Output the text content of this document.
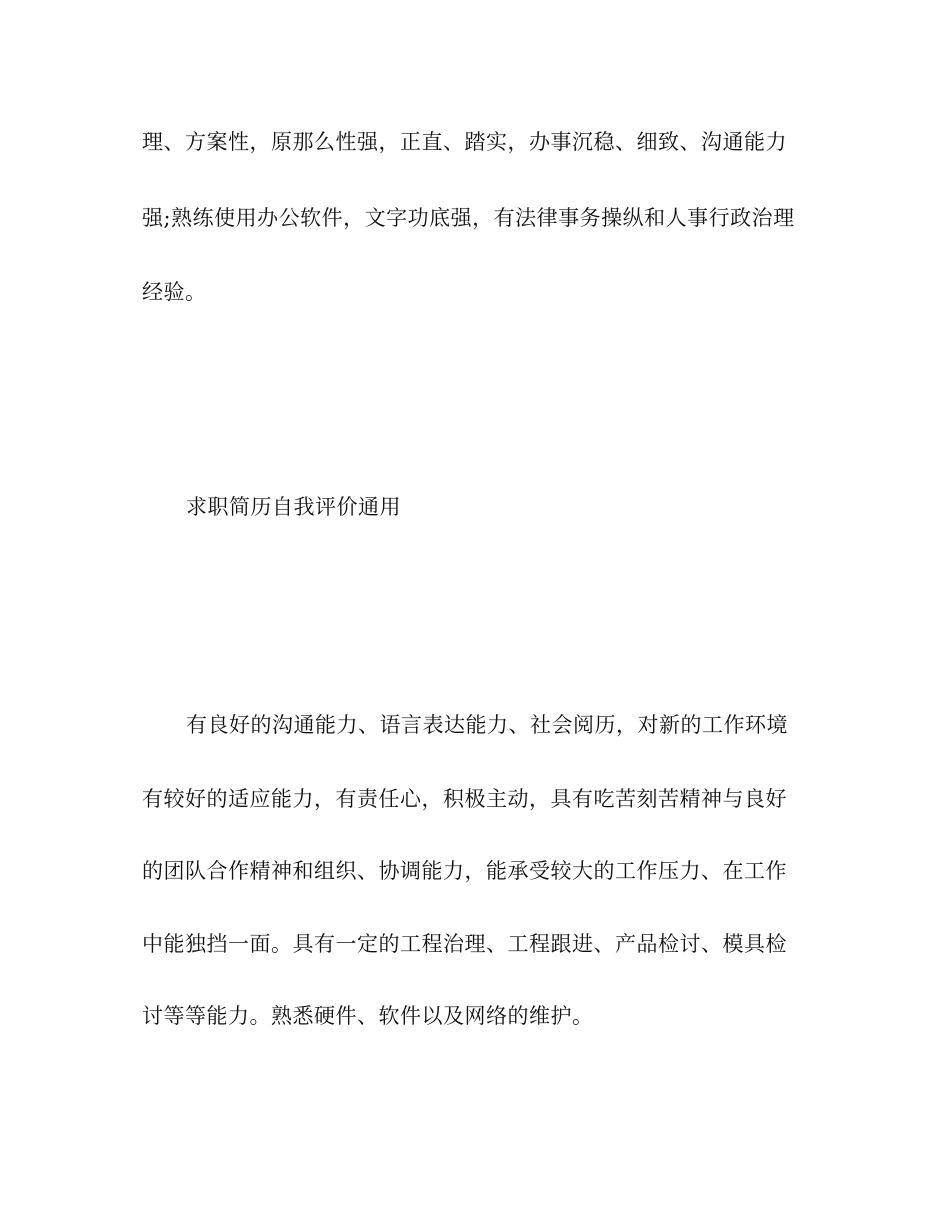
理、方案性，原那么性强，正直、踏实，办事沉稳、细致、沟通能力
强;熟练使用办公软件，文字功底强，有法律事务操纵和人事行政治理
经验。
求职简历自我评价通用
有良好的沟通能力、语言表达能力、社会阅历，对新的工作环境
有较好的适应能力，有责任心，积极主动，具有吃苦刻苦精神与良好
的团队合作精神和组织、协调能力，能承受较大的工作压力、在工作
中能独挡一面。具有一定的工程治理、工程跟进、产品检讨、模具检
讨等等能力。熟悉硬件、软件以及网络的维护。
